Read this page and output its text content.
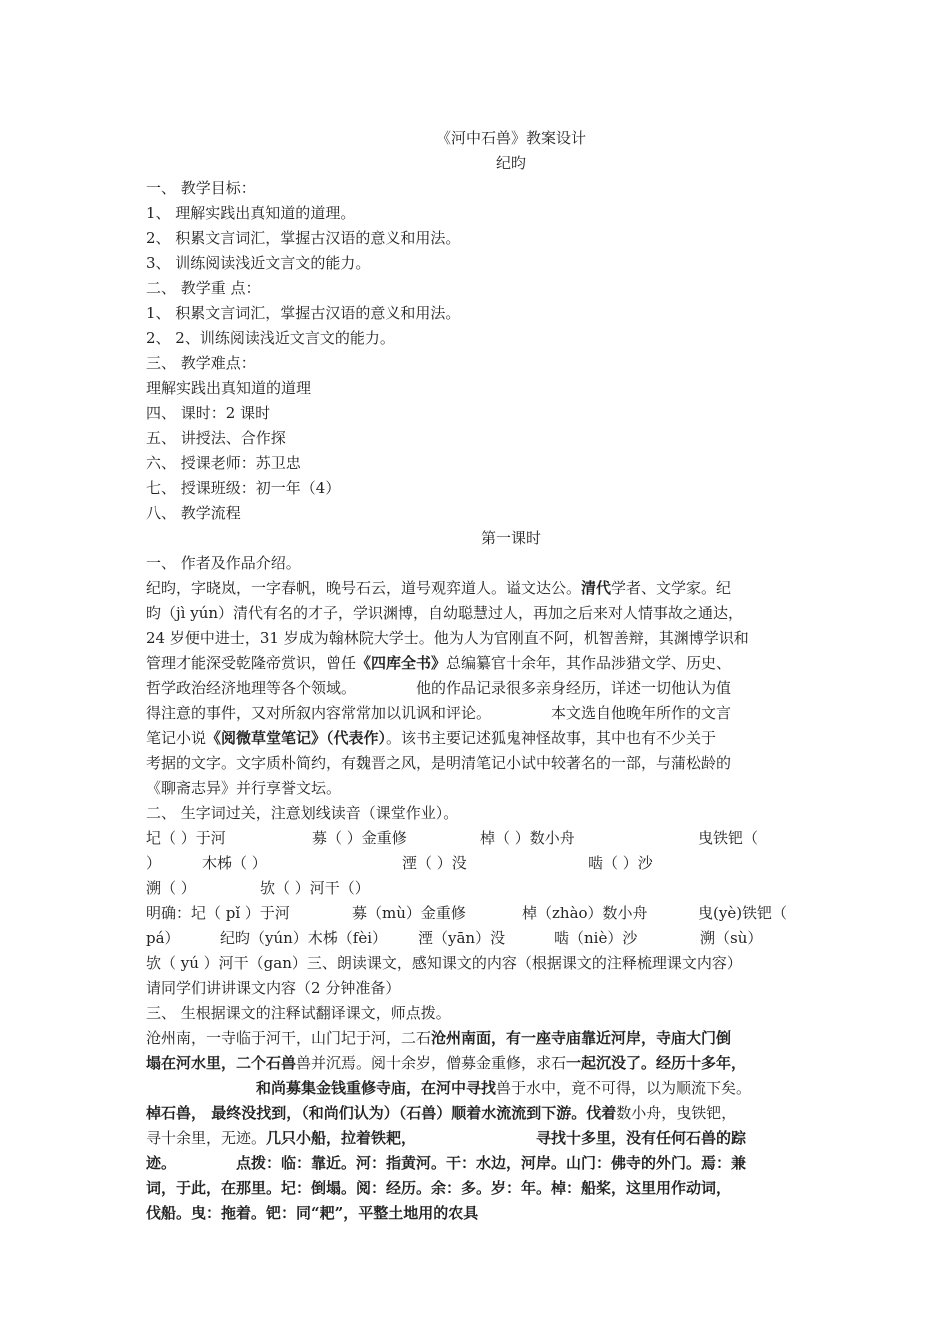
《河中石兽》教案设计
纪昀
一、 教学目标：
1、 理解实践出真知道的道理。
2、 积累文言词汇，掌握古汉语的意义和用法。
3、 训练阅读浅近文言文的能力。
二、 教学重 点：
1、 积累文言词汇，掌握古汉语的意义和用法。
2、 2、训练阅读浅近文言文的能力。
三、 教学难点：
理解实践出真知道的道理
四、 课时：2 课时
五、 讲授法、合作探
六、 授课老师：苏卫忠
七、 授课班级：初一年（4）
八、 教学流程
第一课时
一、 作者及作品介绍。
纪昀，字晓岚，一字春帆，晚号石云，道号观弈道人。谥文达公。清代学者、文学家。纪
昀（jì yún）清代有名的才子，学识渊博，自幼聪慧过人，再加之后来对人情事故之通达，
24 岁便中进士，31 岁成为翰林院大学士。他为人为官刚直不阿，机智善辩，其渊博学识和
管理才能深受乾隆帝赏识，曾任《四库全书》总编纂官十余年，其作品涉猎文学、历史、
哲学政治经济地理等各个领域。	他的作品记录很多亲身经历，详述一切他认为值
得注意的事件，又对所叙内容常常加以讥讽和评论。	本文选自他晚年所作的文言
笔记小说《阅微草堂笔记》（代表作）。该书主要记述狐鬼神怪故事，其中也有不少关于
考据的文字。文字质朴简约，有魏晋之风，是明清笔记小试中较著名的一部，与蒲松龄的
《聊斋志异》并行享誉文坛。
二、 生字词过关，注意划线读音（课堂作业）。
圮（ ）于河	募（ ）金重修	棹（ ）数小舟	曳铁钯（
）	木柹（ ）	湮（ ）没	啮（ ）沙
溯（ ）	欤（ ）河干（）
明确：圮（ pǐ ）于河	募（mù）金重修	棹（zhào）数小舟	曳(yè)铁钯（
pá）	纪昀（yún）木柹（fèi） 湮（yān）没	啮（niè）沙	溯（sù）
欤（ yú ）河干（gan）三、朗读课文，感知课文的内容（根据课文的注释梳理课文内容）
请同学们讲讲课文内容（2 分钟准备）
三、 生根据课文的注释试翻译课文，师点拨。
沧州南，一寺临于河干，山门圮于河，二石沧州南面，有一座寺庙靠近河岸，寺庙大门倒
塌在河水里，二个石兽兽并沉焉。阅十余岁，僧募金重修，求石一起沉没了。经历十多年，
和尚募集金钱重修寺庙，在河中寻找兽于水中，竟不可得，以为顺流下矣。
棹石兽， 最终没找到，（和尚们认为）（石兽）顺着水流流到下游。伐着数小舟，曳铁钯，
寻十余里，无迹。几只小船，拉着铁耙，	寻找十多里，没有任何石兽的踪
迹。	点拨：临：靠近。河：指黄河。干：水边，河岸。山门：佛寺的外门。焉：兼
词，于此，在那里。圮：倒塌。阅：经历。余：多。岁：年。棹：船桨，这里用作动词，
伐船。曳：拖着。钯：同“耙”，平整土地用的农具
